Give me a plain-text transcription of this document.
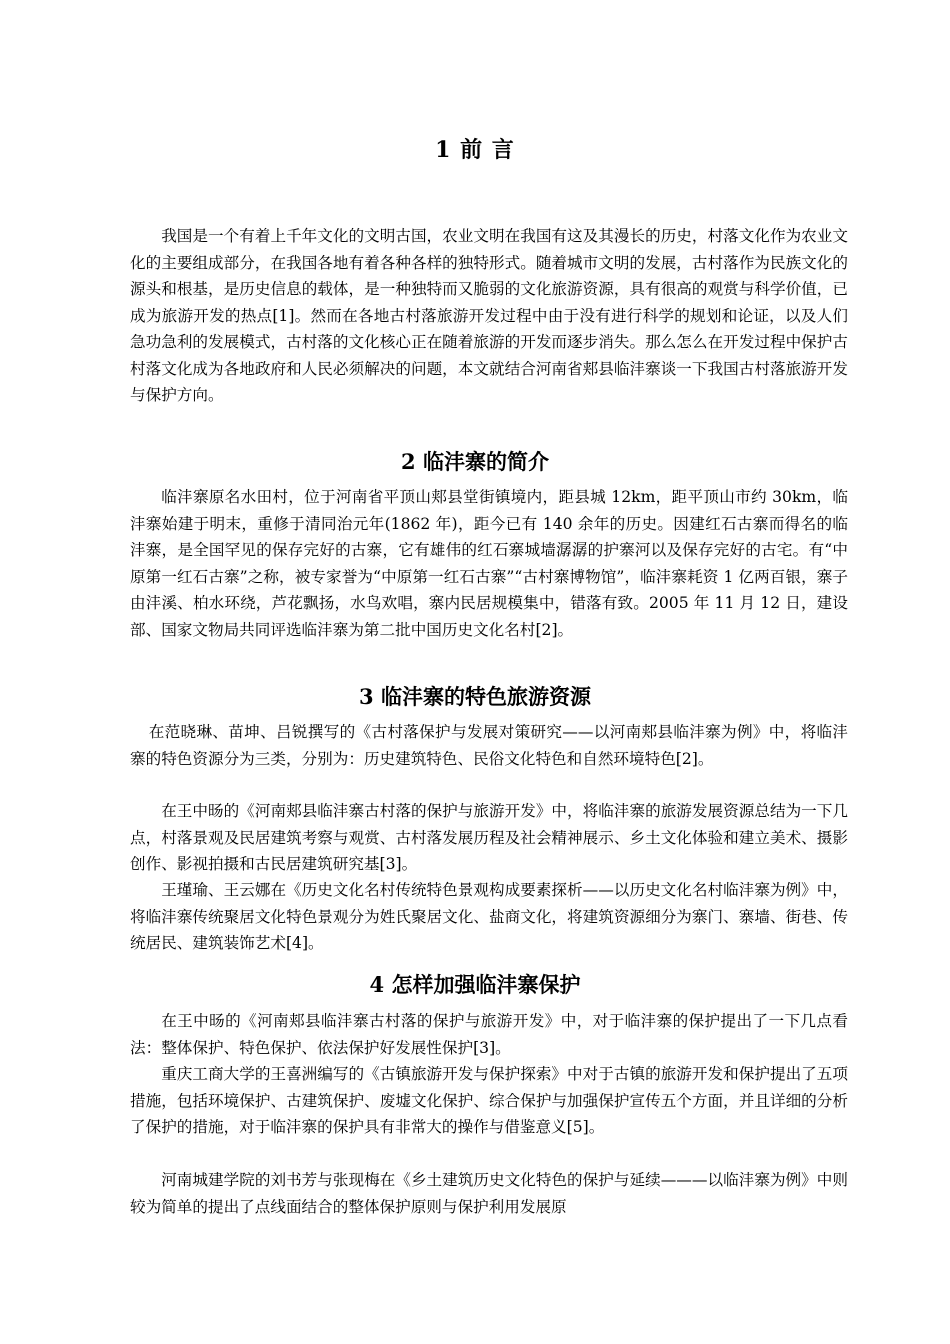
1 前 言

我国是一个有着上千年文化的文明古国，农业文明在我国有这及其漫长的历史，村落文化作为农业文化的主要组成部分，在我国各地有着各种各样的独特形式。随着城市文明的发展，古村落作为民族文化的源头和根基，是历史信息的载体，是一种独特而又脆弱的文化旅游资源，具有很高的观赏与科学价值，已成为旅游开发的热点[1]。然而在各地古村落旅游开发过程中由于没有进行科学的规划和论证，以及人们急功急利的发展模式，古村落的文化核心正在随着旅游的开发而逐步消失。那么怎么在开发过程中保护古村落文化成为各地政府和人民必须解决的问题，本文就结合河南省郏县临沣寨谈一下我国古村落旅游开发与保护方向。

2 临沣寨的简介

临沣寨原名水田村，位于河南省平顶山郏县堂街镇境内，距县城 12km，距平顶山市约 30km，临沣寨始建于明末，重修于清同治元年(1862 年)，距今已有 140 余年的历史。因建红石古寨而得名的临沣寨，是全国罕见的保存完好的古寨，它有雄伟的红石寨城墙潺潺的护寨河以及保存完好的古宅。有“中原第一红石古寨”之称，被专家誉为“中原第一红石古寨”“古村寨博物馆”，临沣寨耗资 1 亿两百银，寨子由沣溪、柏水环绕，芦花飘扬，水鸟欢唱，寨内民居规模集中，错落有致。2005 年 11 月 12 日，建设部、国家文物局共同评选临沣寨为第二批中国历史文化名村[2]。

3 临沣寨的特色旅游资源

在范晓琳、苗坤、吕锐撰写的《古村落保护与发展对策研究——以河南郏县临沣寨为例》中，将临沣寨的特色资源分为三类，分别为：历史建筑特色、民俗文化特色和自然环境特色[2]。

在王中旸的《河南郏县临沣寨古村落的保护与旅游开发》中，将临沣寨的旅游发展资源总结为一下几点，村落景观及民居建筑考察与观赏、古村落发展历程及社会精神展示、乡土文化体验和建立美术、摄影创作、影视拍摄和古民居建筑研究基[3]。

王瑾瑜、王云娜在《历史文化名村传统特色景观构成要素探析——以历史文化名村临沣寨为例》中，将临沣寨传统聚居文化特色景观分为姓氏聚居文化、盐商文化，将建筑资源细分为寨门、寨墙、街巷、传统居民、建筑装饰艺术[4]。

4 怎样加强临沣寨保护

在王中旸的《河南郏县临沣寨古村落的保护与旅游开发》中，对于临沣寨的保护提出了一下几点看法：整体保护、特色保护、依法保护好发展性保护[3]。

重庆工商大学的王喜洲编写的《古镇旅游开发与保护探索》中对于古镇的旅游开发和保护提出了五项措施，包括环境保护、古建筑保护、废墟文化保护、综合保护与加强保护宣传五个方面，并且详细的分析了保护的措施，对于临沣寨的保护具有非常大的操作与借鉴意义[5]。

河南城建学院的刘书芳与张现梅在《乡土建筑历史文化特色的保护与延续———以临沣寨为例》中则较为简单的提出了点线面结合的整体保护原则与保护利用发展原
